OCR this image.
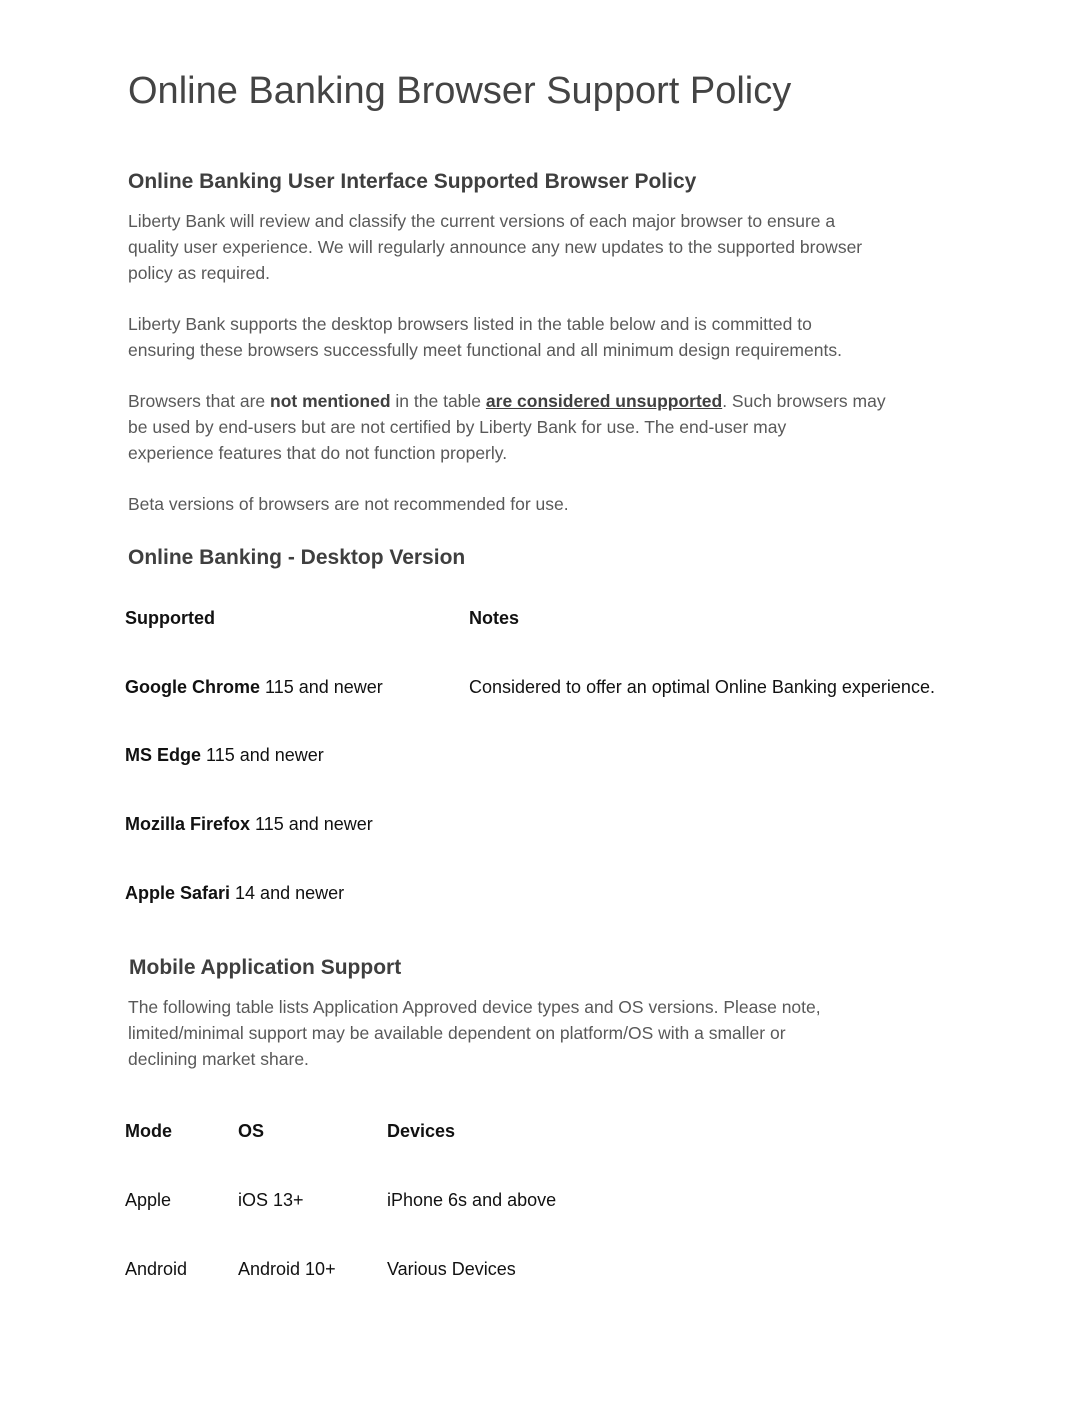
Online Banking Browser Support Policy
Online Banking User Interface Supported Browser Policy
Liberty Bank will review and classify the current versions of each major browser to ensure a
quality user experience. We will regularly announce any new updates to the supported browser
policy as required.
Liberty Bank supports the desktop browsers listed in the table below and is committed to
ensuring these browsers successfully meet functional and all minimum design requirements.
Browsers that are not mentioned in the table are considered unsupported. Such browsers may
be used by end-users but are not certified by Liberty Bank for use. The end-user may
experience features that do not function properly.
Beta versions of browsers are not recommended for use.
Online Banking - Desktop Version
Supported	Notes
Google Chrome 115 and newer	Considered to offer an optimal Online Banking experience.
MS Edge 115 and newer
Mozilla Firefox 115 and newer
Apple Safari 14 and newer
Mobile Application Support
The following table lists Application Approved device types and OS versions. Please note,
limited/minimal support may be available dependent on platform/OS with a smaller or
declining market share.
Mode	OS	Devices
Apple	iOS 13+	iPhone 6s and above
Android	Android 10+	Various Devices
